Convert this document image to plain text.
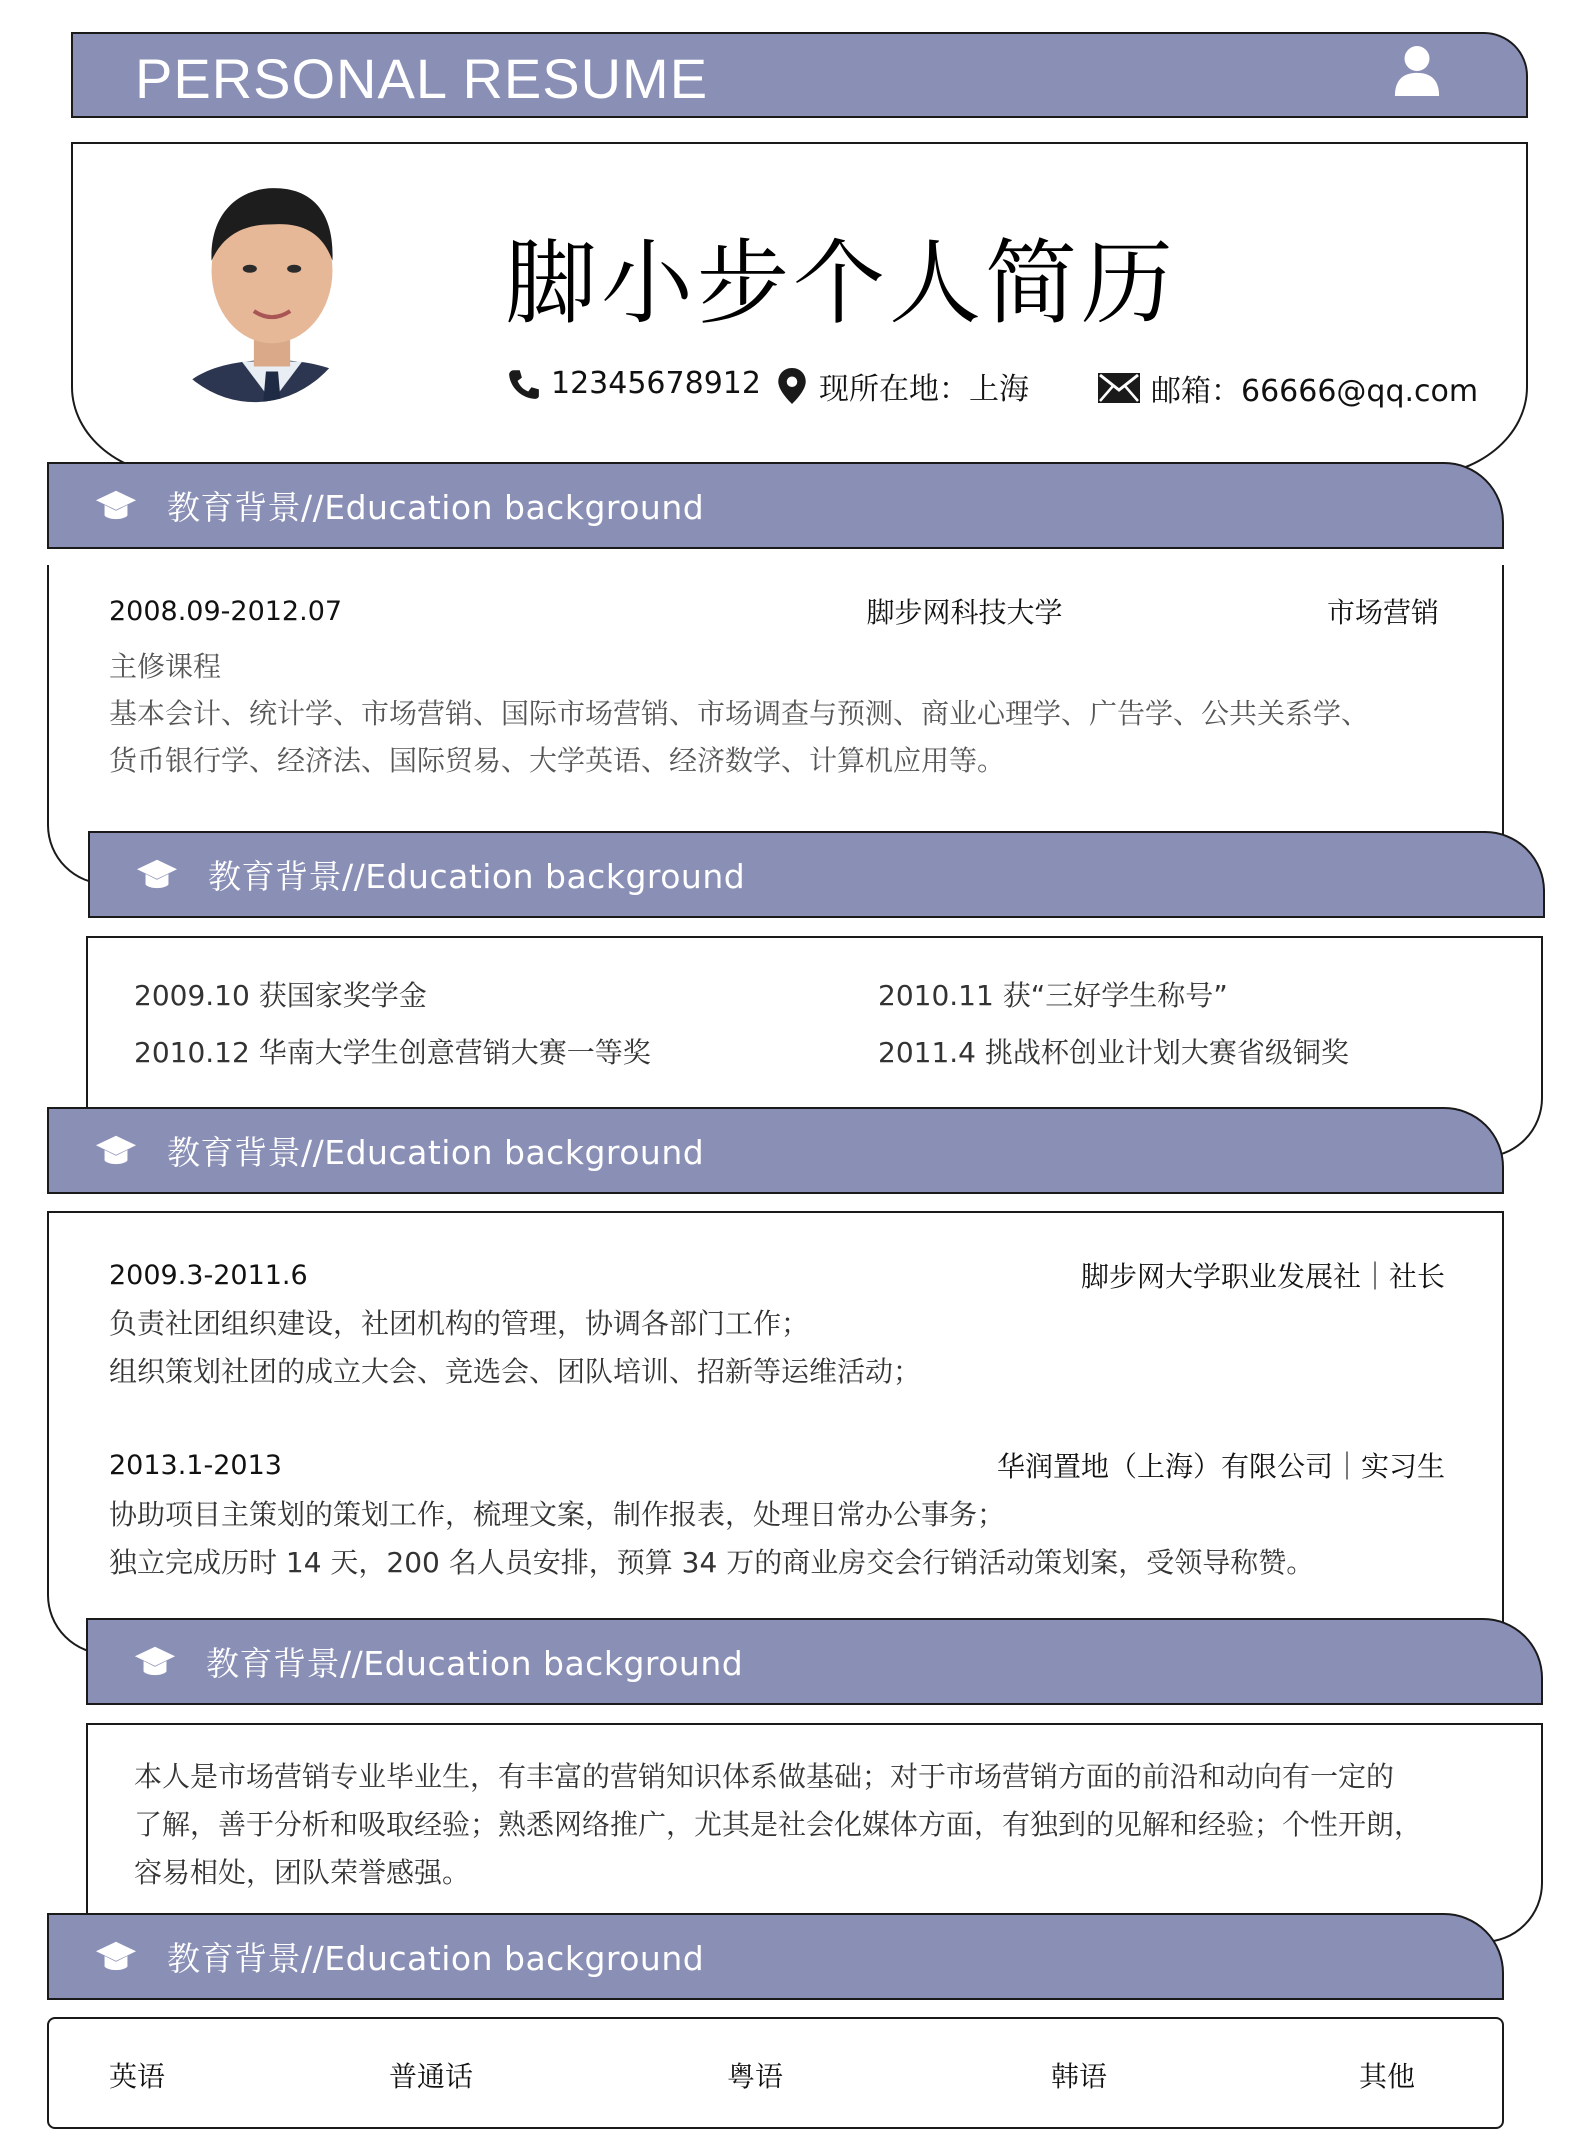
PERSONAL RESUME
脚小步个人简历
12345678912 现所在地：上海	邮箱：66666@qq.com
2008.09-2012.07	脚步网科技大学	市场营销
主修课程
基本会计、统计学、市场营销、国际市场营销、市场调查与预测、商业心理学、广告学、公共关系学、
货币银行学、经济法、国际贸易、大学英语、经济数学、计算机应用等。
教育背景//Education background
2009.10 获国家奖学金	2010.11 获“三好学生称号”
2010.12 华南大学生创意营销大赛一等奖	2011.4 挑战杯创业计划大赛省级铜奖
教育背景//Education background
2009.3-2011.6	脚步网大学职业发展社｜社长
负责社团组织建设，社团机构的管理，协调各部门工作；
组织策划社团的成立大会、竞选会、团队培训、招新等运维活动；
2013.1-2013	华润置地（上海）有限公司｜实习生
协助项目主策划的策划工作，梳理文案，制作报表，处理日常办公事务；
独立完成历时 14 天，200 名人员安排，预算 34 万的商业房交会行销活动策划案，受领导称赞。
教育背景//Education background
本人是市场营销专业毕业生，有丰富的营销知识体系做基础；对于市场营销方面的前沿和动向有一定的
了解，善于分析和吸取经验；熟悉网络推广，尤其是社会化媒体方面，有独到的见解和经验；个性开朗，
容易相处，团队荣誉感强。
教育背景//Education background
教育背景//Education background
英语	普通话	粤语	韩语	其他
